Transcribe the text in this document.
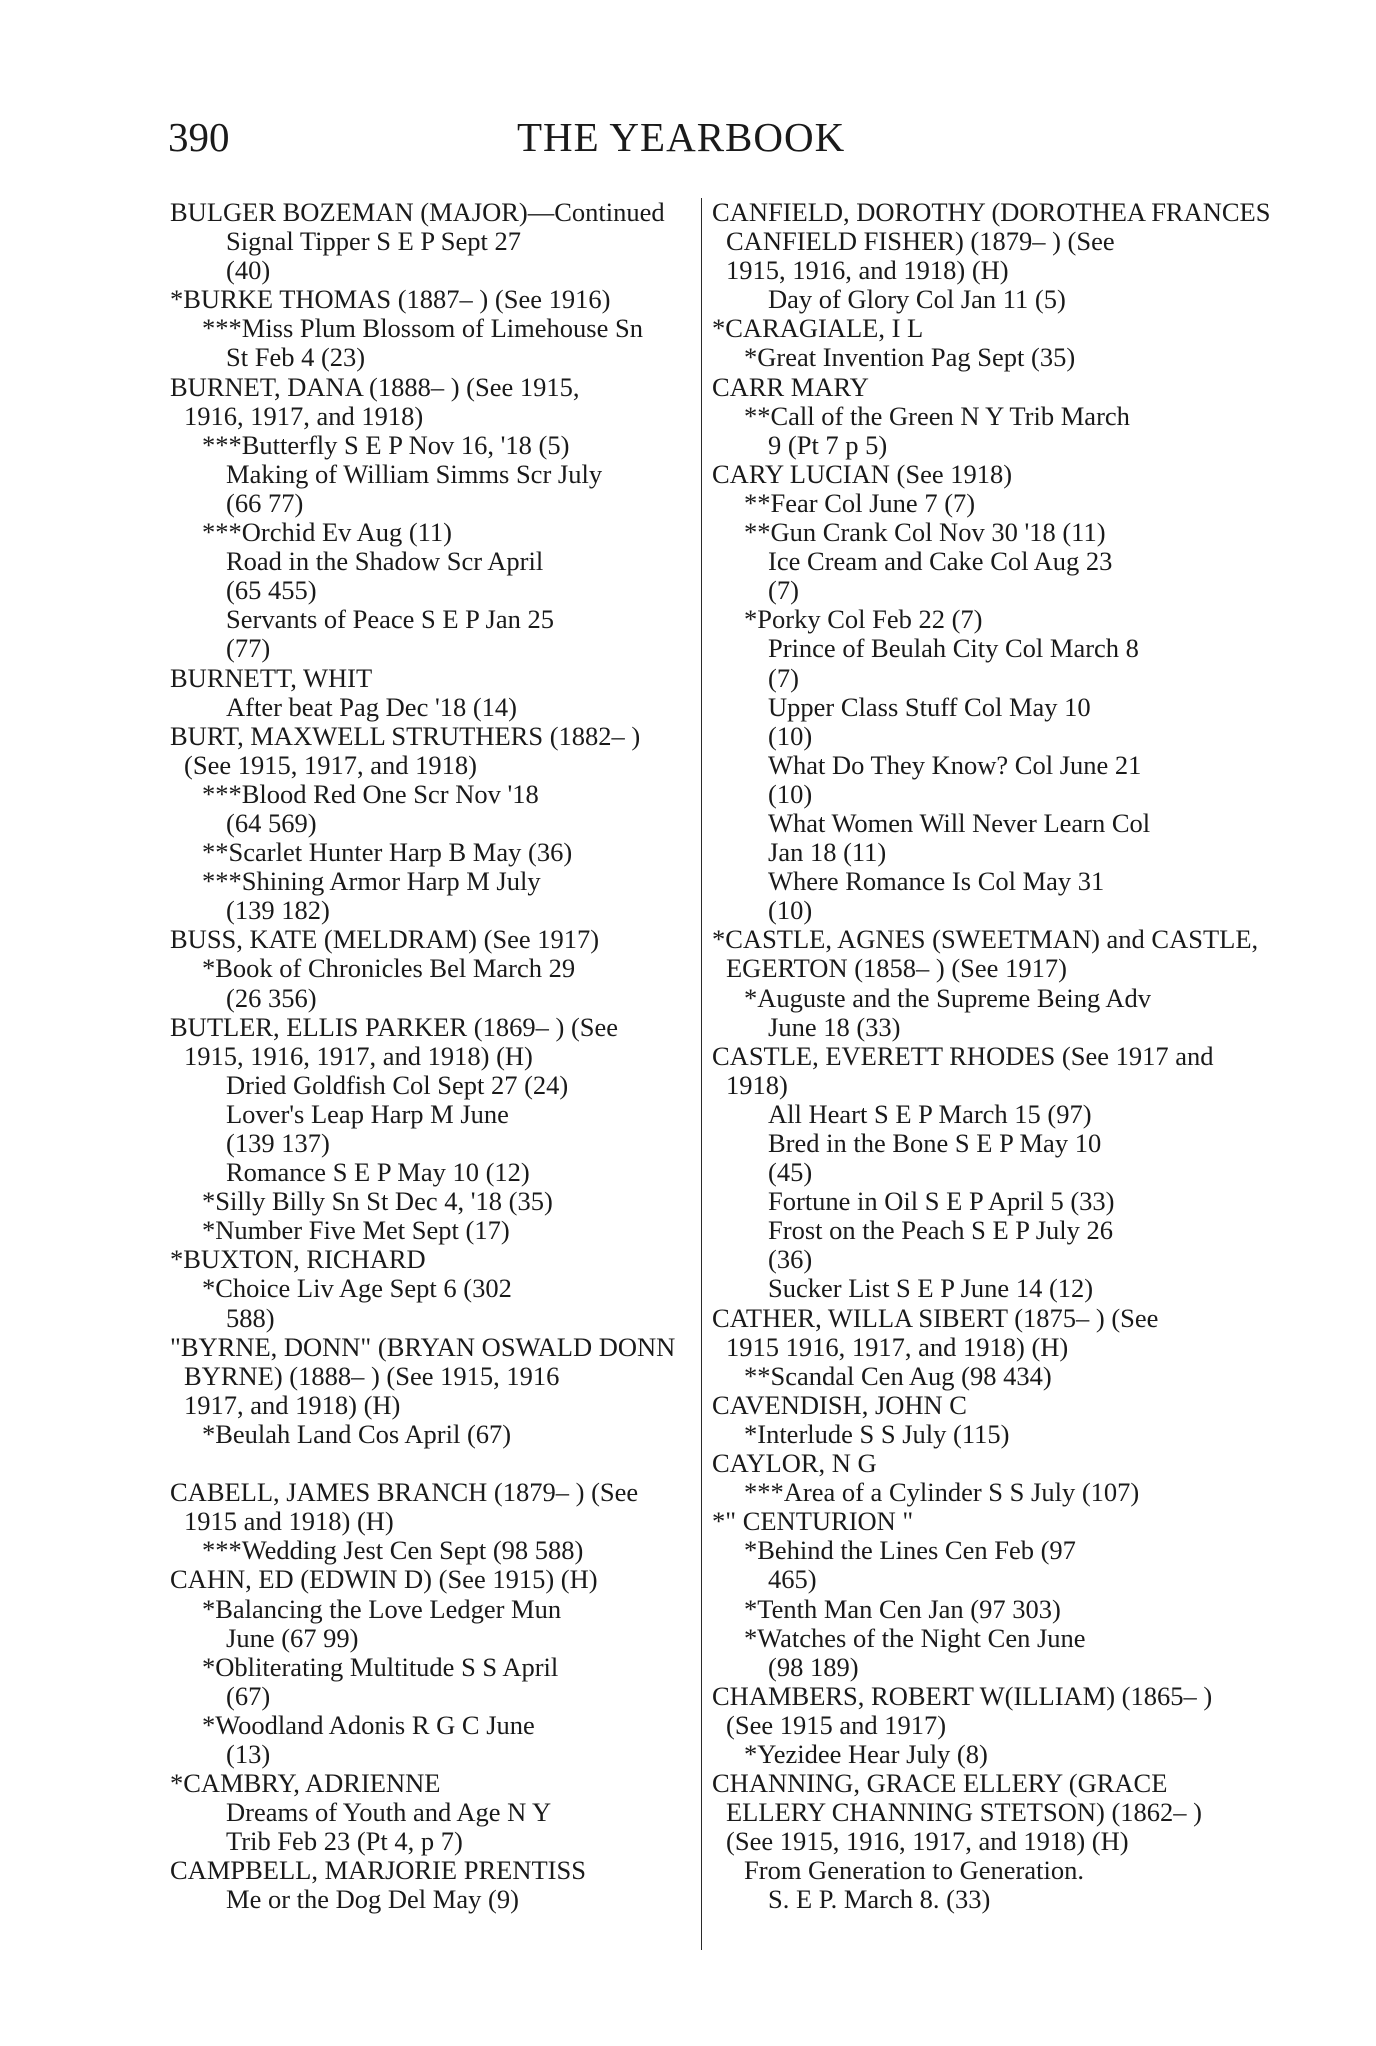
390	THE YEARBOOK
BULGER BOZEMAN (MAJOR)—Continued
Signal Tipper S E P Sept 27
(40)
*BURKE THOMAS (1887– ) (See 1916)
***Miss Plum Blossom of Limehouse Sn
St Feb 4 (23)
BURNET, DANA (1888– ) (See 1915,
1916, 1917, and 1918)
***Butterfly S E P Nov 16, '18 (5)
Making of William Simms Scr July
(66 77)
***Orchid Ev Aug (11)
Road in the Shadow Scr April
(65 455)
Servants of Peace S E P Jan 25
(77)
BURNETT, WHIT
After beat Pag Dec '18 (14)
BURT, MAXWELL STRUTHERS (1882– )
(See 1915, 1917, and 1918)
***Blood Red One Scr Nov '18
(64 569)
**Scarlet Hunter Harp B May (36)
***Shining Armor Harp M July
(139 182)
BUSS, KATE (MELDRAM) (See 1917)
*Book of Chronicles Bel March 29
(26 356)
BUTLER, ELLIS PARKER (1869– ) (See
1915, 1916, 1917, and 1918) (H)
Dried Goldfish Col Sept 27 (24)
Lover's Leap Harp M June
(139 137)
Romance S E P May 10 (12)
*Silly Billy Sn St Dec 4, '18 (35)
*Number Five Met Sept (17)
*BUXTON, RICHARD
*Choice Liv Age Sept 6 (302
588)
"BYRNE, DONN" (BRYAN OSWALD DONN
BYRNE) (1888– ) (See 1915, 1916
1917, and 1918) (H)
*Beulah Land Cos April (67)
CABELL, JAMES BRANCH (1879– ) (See
1915 and 1918) (H)
***Wedding Jest Cen Sept (98 588)
CAHN, ED (EDWIN D) (See 1915) (H)
*Balancing the Love Ledger Mun
June (67 99)
*Obliterating Multitude S S April
(67)
*Woodland Adonis R G C June
(13)
*CAMBRY, ADRIENNE
Dreams of Youth and Age N Y
Trib Feb 23 (Pt 4, p 7)
CAMPBELL, MARJORIE PRENTISS
Me or the Dog Del May (9)
CANFIELD, DOROTHY (DOROTHEA FRANCES
CANFIELD FISHER) (1879– ) (See
1915, 1916, and 1918) (H)
Day of Glory Col Jan 11 (5)
*CARAGIALE, I L
*Great Invention Pag Sept (35)
CARR MARY
**Call of the Green N Y Trib March
9 (Pt 7 p 5)
CARY LUCIAN (See 1918)
**Fear Col June 7 (7)
**Gun Crank Col Nov 30 '18 (11)
Ice Cream and Cake Col Aug 23
(7)
*Porky Col Feb 22 (7)
Prince of Beulah City Col March 8
(7)
Upper Class Stuff Col May 10
(10)
What Do They Know? Col June 21
(10)
What Women Will Never Learn Col
Jan 18 (11)
Where Romance Is Col May 31
(10)
*CASTLE, AGNES (SWEETMAN) and CASTLE,
EGERTON (1858– ) (See 1917)
*Auguste and the Supreme Being Adv
June 18 (33)
CASTLE, EVERETT RHODES (See 1917 and
1918)
All Heart S E P March 15 (97)
Bred in the Bone S E P May 10
(45)
Fortune in Oil S E P April 5 (33)
Frost on the Peach S E P July 26
(36)
Sucker List S E P June 14 (12)
CATHER, WILLA SIBERT (1875– ) (See
1915 1916, 1917, and 1918) (H)
**Scandal Cen Aug (98 434)
CAVENDISH, JOHN C
*Interlude S S July (115)
CAYLOR, N G
***Area of a Cylinder S S July (107)
*" CENTURION "
*Behind the Lines Cen Feb (97
465)
*Tenth Man Cen Jan (97 303)
*Watches of the Night Cen June
(98 189)
CHAMBERS, ROBERT W(ILLIAM) (1865– )
(See 1915 and 1917)
*Yezidee Hear July (8)
CHANNING, GRACE ELLERY (GRACE
ELLERY CHANNING STETSON) (1862– )
(See 1915, 1916, 1917, and 1918) (H)
From Generation to Generation.
S. E P. March 8. (33)
